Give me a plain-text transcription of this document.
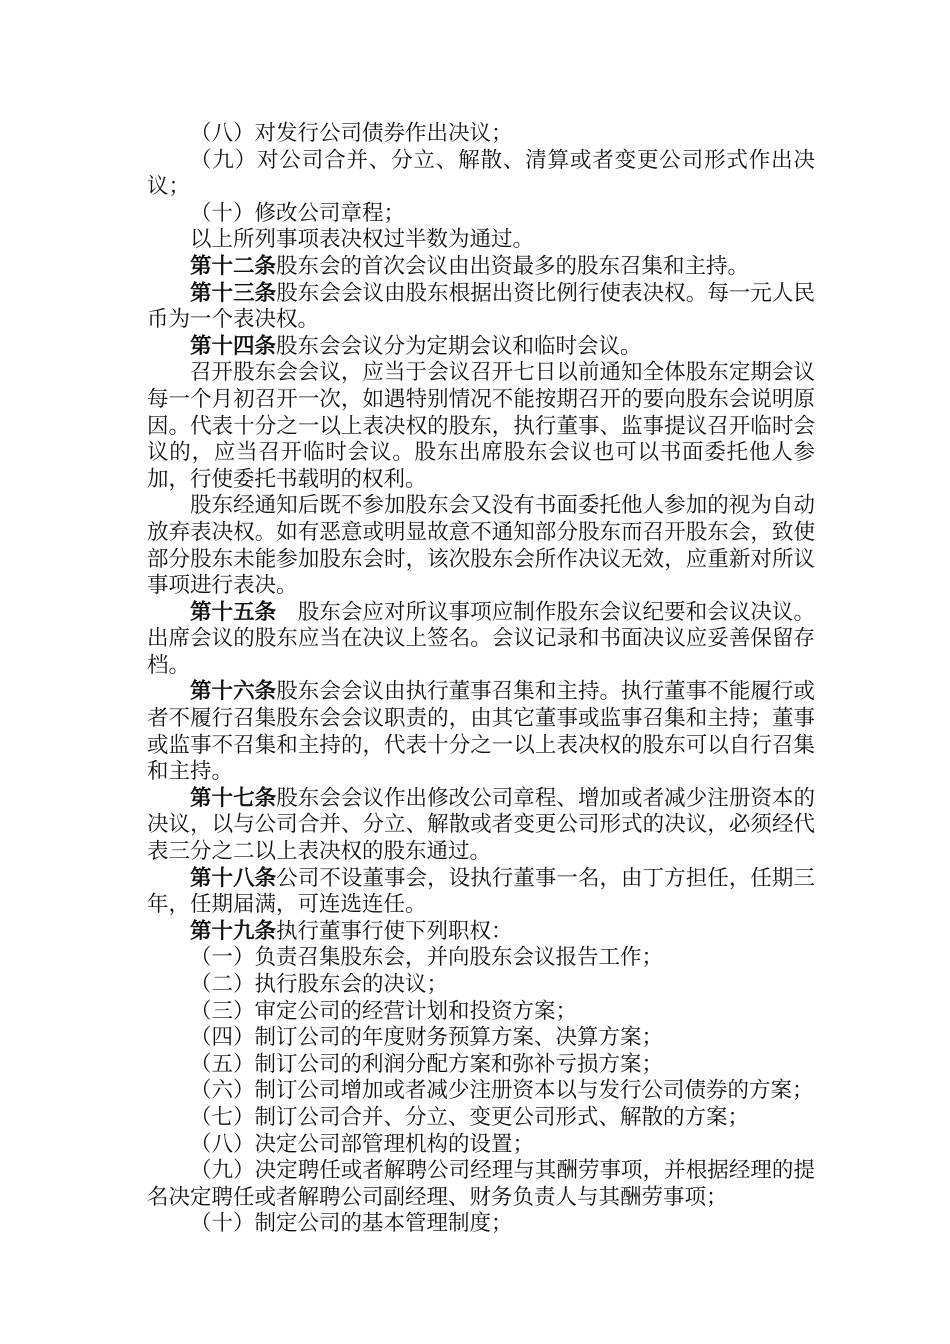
（八）对发行公司债券作出决议；

（九）对公司合并、分立、解散、清算或者变更公司形式作出决议；

（十）修改公司章程；

以上所列事项表决权过半数为通过。

第十二条股东会的首次会议由出资最多的股东召集和主持。

第十三条股东会会议由股东根据出资比例行使表决权。每一元人民币为一个表决权。

第十四条股东会会议分为定期会议和临时会议。

召开股东会会议，应当于会议召开七日以前通知全体股东定期会议每一个月初召开一次，如遇特别情况不能按期召开的要向股东会说明原因。代表十分之一以上表决权的股东，执行董事、监事提议召开临时会议的，应当召开临时会议。股东出席股东会议也可以书面委托他人参加，行使委托书载明的权利。

股东经通知后既不参加股东会又没有书面委托他人参加的视为自动放弃表决权。如有恶意或明显故意不通知部分股东而召开股东会，致使部分股东未能参加股东会时，该次股东会所作决议无效，应重新对所议事项进行表决。

第十五条　股东会应对所议事项应制作股东会议纪要和会议决议。出席会议的股东应当在决议上签名。会议记录和书面决议应妥善保留存档。

第十六条股东会会议由执行董事召集和主持。执行董事不能履行或者不履行召集股东会会议职责的，由其它董事或监事召集和主持；董事或监事不召集和主持的，代表十分之一以上表决权的股东可以自行召集和主持。

第十七条股东会会议作出修改公司章程、增加或者减少注册资本的决议，以与公司合并、分立、解散或者变更公司形式的决议，必须经代表三分之二以上表决权的股东通过。

第十八条公司不设董事会，设执行董事一名，由丁方担任，任期三年，任期届满，可连选连任。

第十九条执行董事行使下列职权：

（一）负责召集股东会，并向股东会议报告工作；

（二）执行股东会的决议；

（三）审定公司的经营计划和投资方案；

（四）制订公司的年度财务预算方案、决算方案；

（五）制订公司的利润分配方案和弥补亏损方案；

（六）制订公司增加或者减少注册资本以与发行公司债券的方案；

（七）制订公司合并、分立、变更公司形式、解散的方案；

（八）决定公司部管理机构的设置；

（九）决定聘任或者解聘公司经理与其酬劳事项，并根据经理的提名决定聘任或者解聘公司副经理、财务负责人与其酬劳事项；

（十）制定公司的基本管理制度；
